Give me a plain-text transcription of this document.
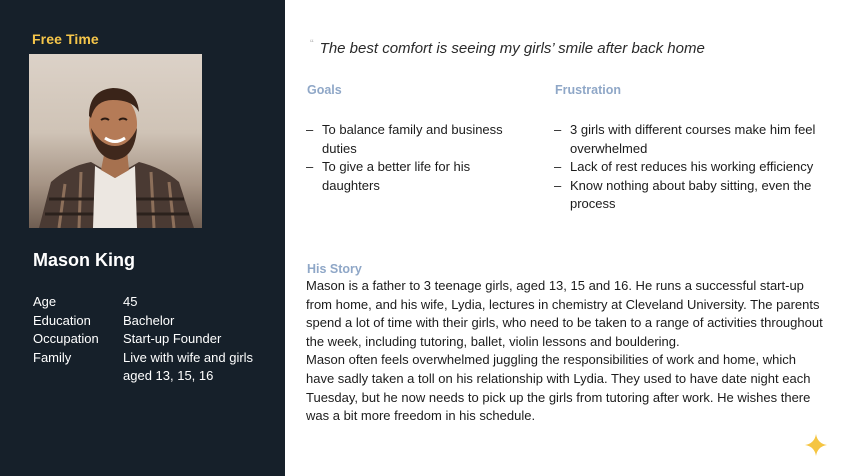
Free Time
Mason King
Age	45
Education	Bachelor
Occupation	Start-up Founder
Family	Live with wife and girls aged 13, 15, 16
“ The best comfort is seeing my girls’ smile after back home
Goals
– To balance family and business duties
– To give a better life for his daughters
Frustration
– 3 girls with different courses make him feel overwhelmed
– Lack of rest reduces his working efficiency
– Know nothing about baby sitting, even the process
His Story

Mason is a father to 3 teenage girls, aged 13, 15 and 16. He runs a successful start-up from home, and his wife, Lydia, lectures in chemistry at Cleveland University. The parents spend a lot of time with their girls, who need to be taken to a range of activities throughout the week, including tutoring, ballet, violin lessons and bouldering.

Mason often feels overwhelmed juggling the responsibilities of work and home, which have sadly taken a toll on his relationship with Lydia. They used to have date night each Tuesday, but he now needs to pick up the girls from tutoring after work. He wishes there was a bit more freedom in his schedule.
